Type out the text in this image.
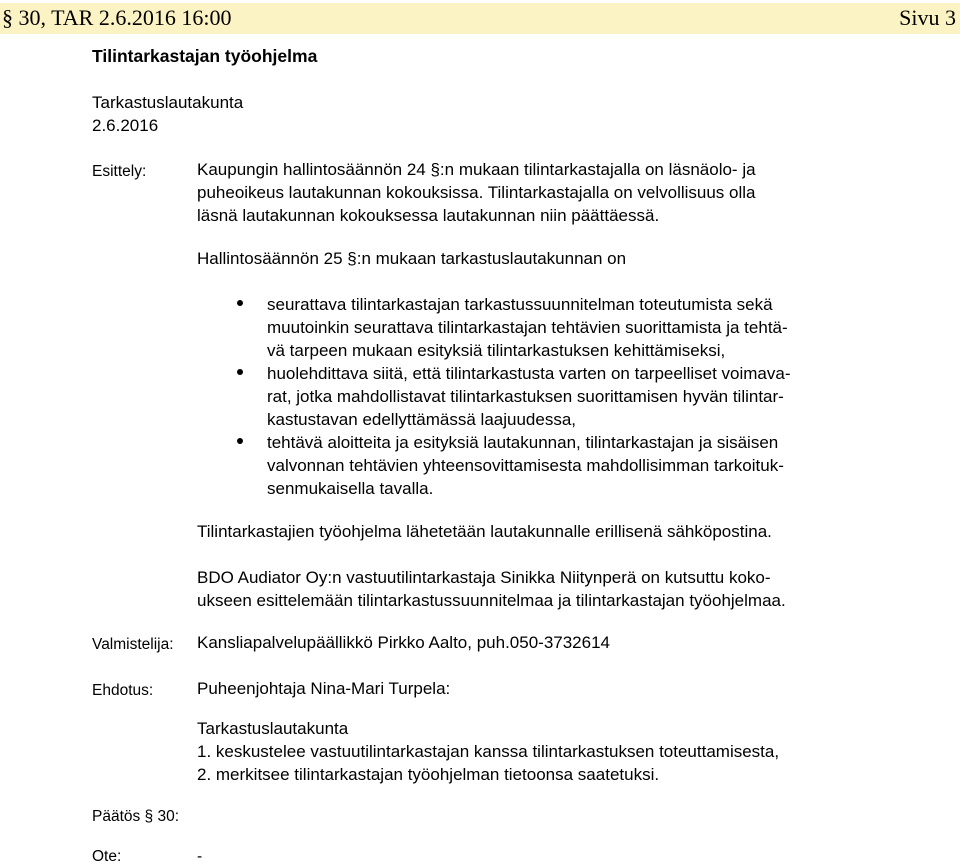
§ 30, TAR 2.6.2016 16:00	Sivu 3
Tilintarkastajan työohjelma
Tarkastuslautakunta
2.6.2016
Esittely:	Kaupungin hallintosäännön 24 §:n mukaan tilintarkastajalla on läsnäolo- ja
puheoikeus lautakunnan kokouksissa. Tilintarkastajalla on velvollisuus olla
läsnä lautakunnan kokouksessa lautakunnan niin päättäessä.
Hallintosäännön 25 §:n mukaan tarkastuslautakunnan on
seurattava tilintarkastajan tarkastussuunnitelman toteutumista sekä
muutoinkin seurattava tilintarkastajan tehtävien suorittamista ja tehtä-
vä tarpeen mukaan esityksiä tilintarkastuksen kehittämiseksi,
huolehdittava siitä, että tilintarkastusta varten on tarpeelliset voimava-
rat, jotka mahdollistavat tilintarkastuksen suorittamisen hyvän tilintar-
kastustavan edellyttämässä laajuudessa,
tehtävä aloitteita ja esityksiä lautakunnan, tilintarkastajan ja sisäisen
valvonnan tehtävien yhteensovittamisesta mahdollisimman tarkoituk-
senmukaisella tavalla.
Tilintarkastajien työohjelma lähetetään lautakunnalle erillisenä sähköpostina.
BDO Audiator Oy:n vastuutilintarkastaja Sinikka Niitynperä on kutsuttu koko-
ukseen esittelemään tilintarkastussuunnitelmaa ja tilintarkastajan työohjelmaa.
Valmistelija: Kansliapalvelupäällikkö Pirkko Aalto, puh.050-3732614
Ehdotus:	Puheenjohtaja Nina-Mari Turpela:
Tarkastuslautakunta
1. keskustelee vastuutilintarkastajan kanssa tilintarkastuksen toteuttamisesta,
2. merkitsee tilintarkastajan työohjelman tietoonsa saatetuksi.
Päätös § 30:
Ote:	-
